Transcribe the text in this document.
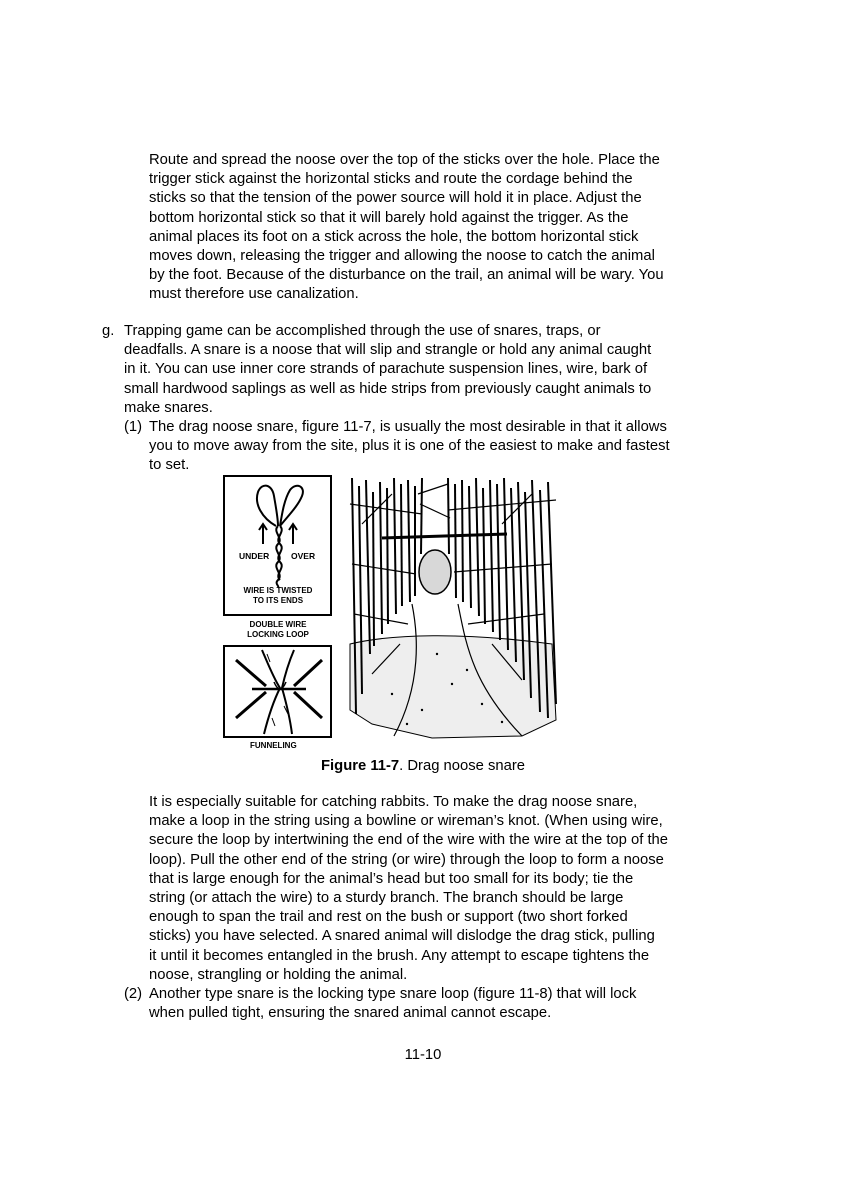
Route and spread the noose over the top of the sticks over the hole. Place the
trigger stick against the horizontal sticks and route the cordage behind the
sticks so that the tension of the power source will hold it in place. Adjust the
bottom horizontal stick so that it will barely hold against the trigger. As the
animal places its foot on a stick across the hole, the bottom horizontal stick
moves down, releasing the trigger and allowing the noose to catch the animal
by the foot. Because of the disturbance on the trail, an animal will be wary. You
must therefore use canalization.
g. Trapping game can be accomplished through the use of snares, traps, or
deadfalls. A snare is a noose that will slip and strangle or hold any animal caught
in it. You can use inner core strands of parachute suspension lines, wire, bark of
small hardwood saplings as well as hide strips from previously caught animals to
make snares.
(1) The drag noose snare, figure 11-7, is usually the most desirable in that it allows
you to move away from the site, plus it is one of the easiest to make and fastest
to set.
UNDER	OVER
WIRE IS TWISTED
TO ITS ENDS
DOUBLE WIRE
LOCKING LOOP
FUNNELING
Figure 11-7. Drag noose snare
It is especially suitable for catching rabbits. To make the drag noose snare,
make a loop in the string using a bowline or wireman’s knot. (When using wire,
secure the loop by intertwining the end of the wire with the wire at the top of the
loop). Pull the other end of the string (or wire) through the loop to form a noose
that is large enough for the animal’s head but too small for its body; tie the
string (or attach the wire) to a sturdy branch. The branch should be large
enough to span the trail and rest on the bush or support (two short forked
sticks) you have selected. A snared animal will dislodge the drag stick, pulling
it until it becomes entangled in the brush. Any attempt to escape tightens the
noose, strangling or holding the animal.
(2) Another type snare is the locking type snare loop (figure 11-8) that will lock
when pulled tight, ensuring the snared animal cannot escape.
11-10
